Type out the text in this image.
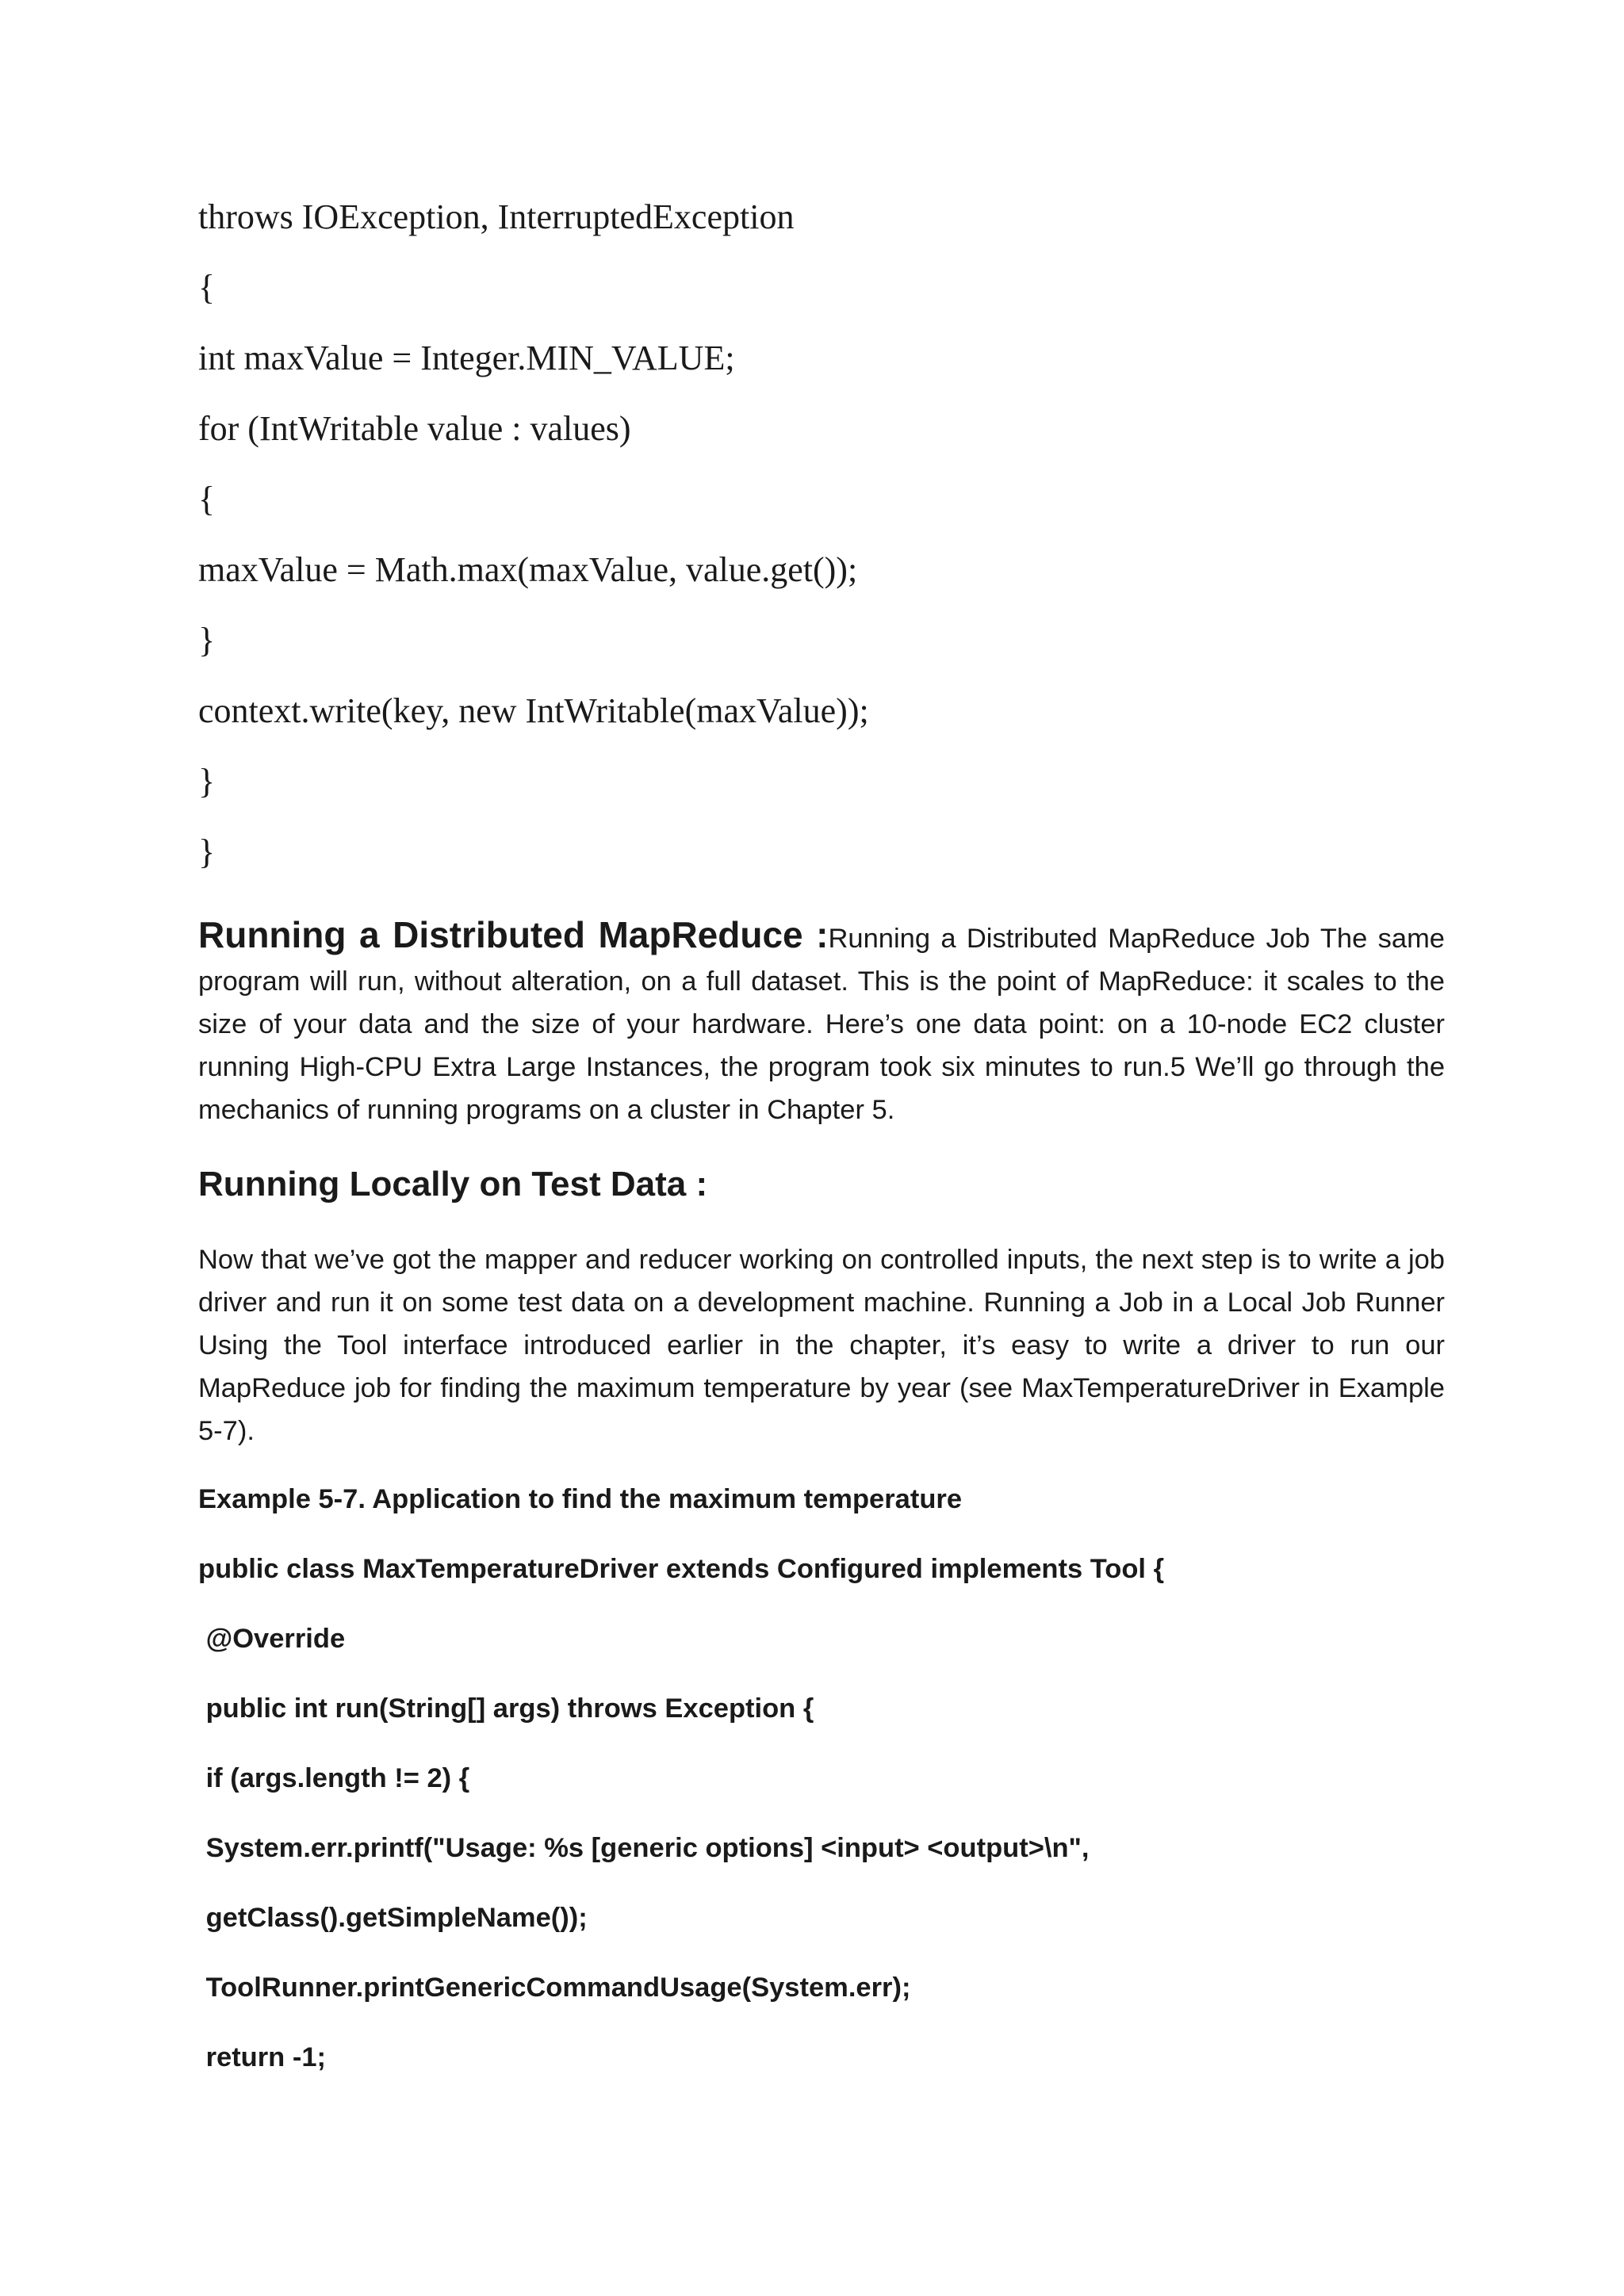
throws IOException, InterruptedException

{

int maxValue = Integer.MIN_VALUE;

for (IntWritable value : values)

{

maxValue = Math.max(maxValue, value.get());

}

context.write(key, new IntWritable(maxValue));

}

}

Running a Distributed MapReduce :Running a Distributed MapReduce Job The same program will run, without alteration, on a full dataset. This is the point of MapReduce: it scales to the size of your data and the size of your hardware. Here’s one data point: on a 10-node EC2 cluster running High-CPU Extra Large Instances, the program took six minutes to run.5 We’ll go through the mechanics of running programs on a cluster in Chapter 5.

Running Locally on Test Data :

Now that we’ve got the mapper and reducer working on controlled inputs, the next step is to write a job driver and run it on some test data on a development machine. Running a Job in a Local Job Runner Using the Tool interface introduced earlier in the chapter, it’s easy to write a driver to run our MapReduce job for finding the maximum temperature by year (see MaxTemperatureDriver in Example 5-7).

Example 5-7. Application to find the maximum temperature

public class MaxTemperatureDriver extends Configured implements Tool {

@Override

public int run(String[] args) throws Exception {

if (args.length != 2) {

System.err.printf("Usage: %s [generic options] <input> <output>\n",

getClass().getSimpleName());

ToolRunner.printGenericCommandUsage(System.err);

return -1;
